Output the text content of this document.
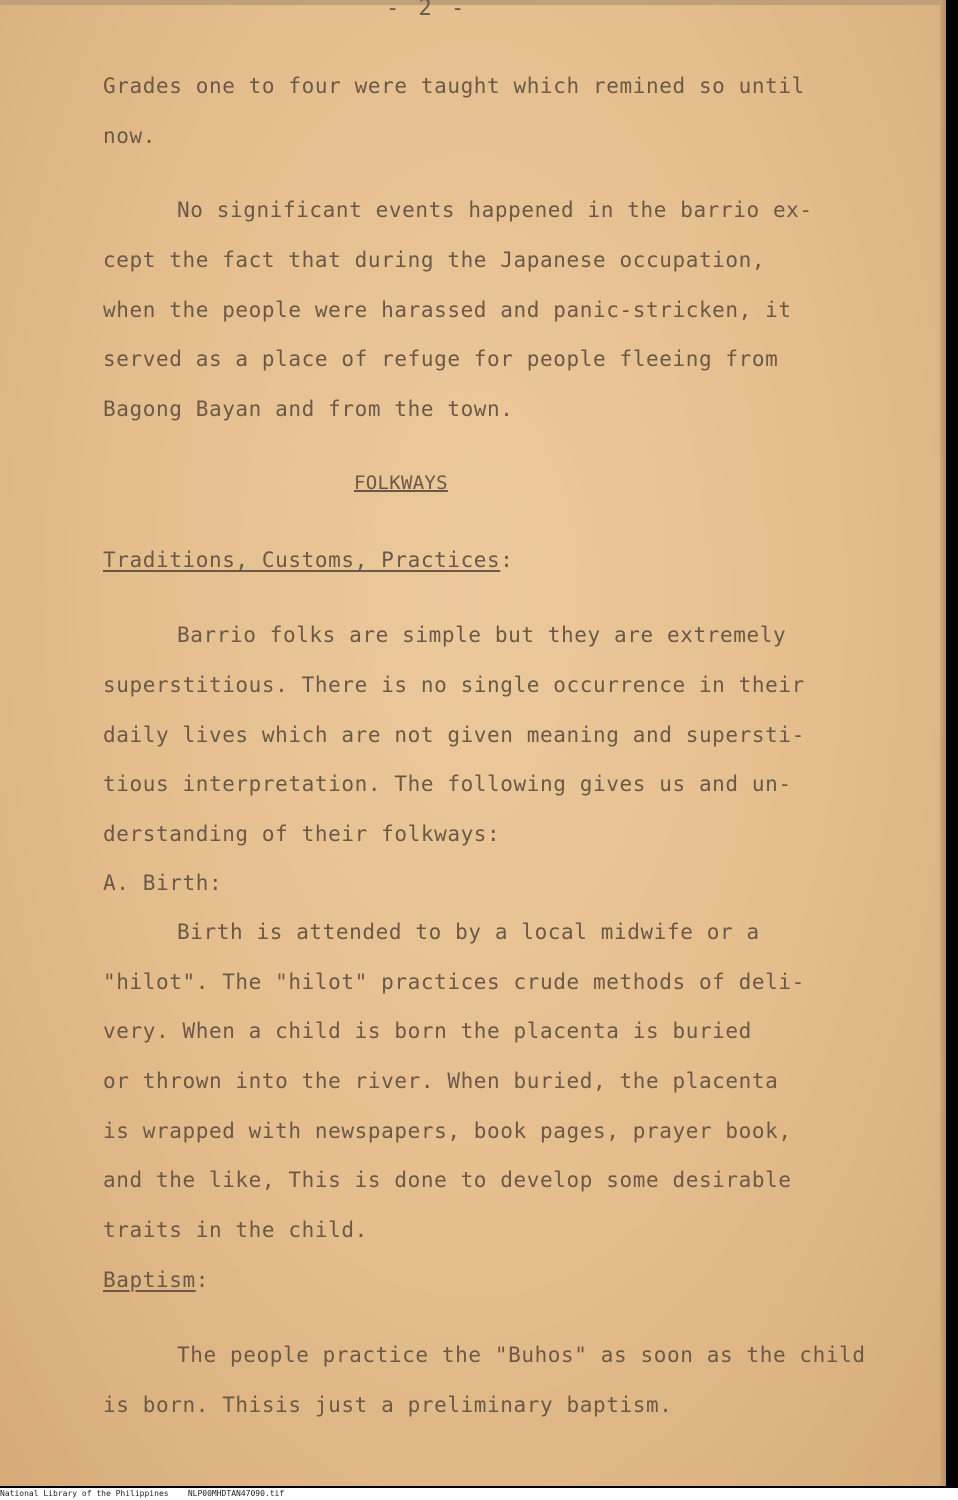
- 2 -
Grades one to four were taught which remined so until
now.
No significant events happened in the barrio ex-
cept the fact that during the Japanese occupation,
when the people were harassed and panic-stricken, it
served as a place of refuge for people fleeing from
Bagong Bayan and from the town.
FOLKWAYS
Traditions, Customs, Practices:
Barrio folks are simple but they are extremely
superstitious. There is no single occurrence in their
daily lives which are not given meaning and supersti-
tious interpretation. The following gives us and un-
derstanding of their folkways:
A. Birth:
Birth is attended to by a local midwife or a
"hilot". The "hilot" practices crude methods of deli-
very. When a child is born the placenta is buried
or thrown into the river. When buried, the placenta
is wrapped with newspapers, book pages, prayer book,
and the like, This is done to develop some desirable
traits in the child.
Baptism:
The people practice the "Buhos" as soon as the child
is born. Thisis just a preliminary baptism.
National Library of the Philippines NLP00MHDTAN47090.tif
